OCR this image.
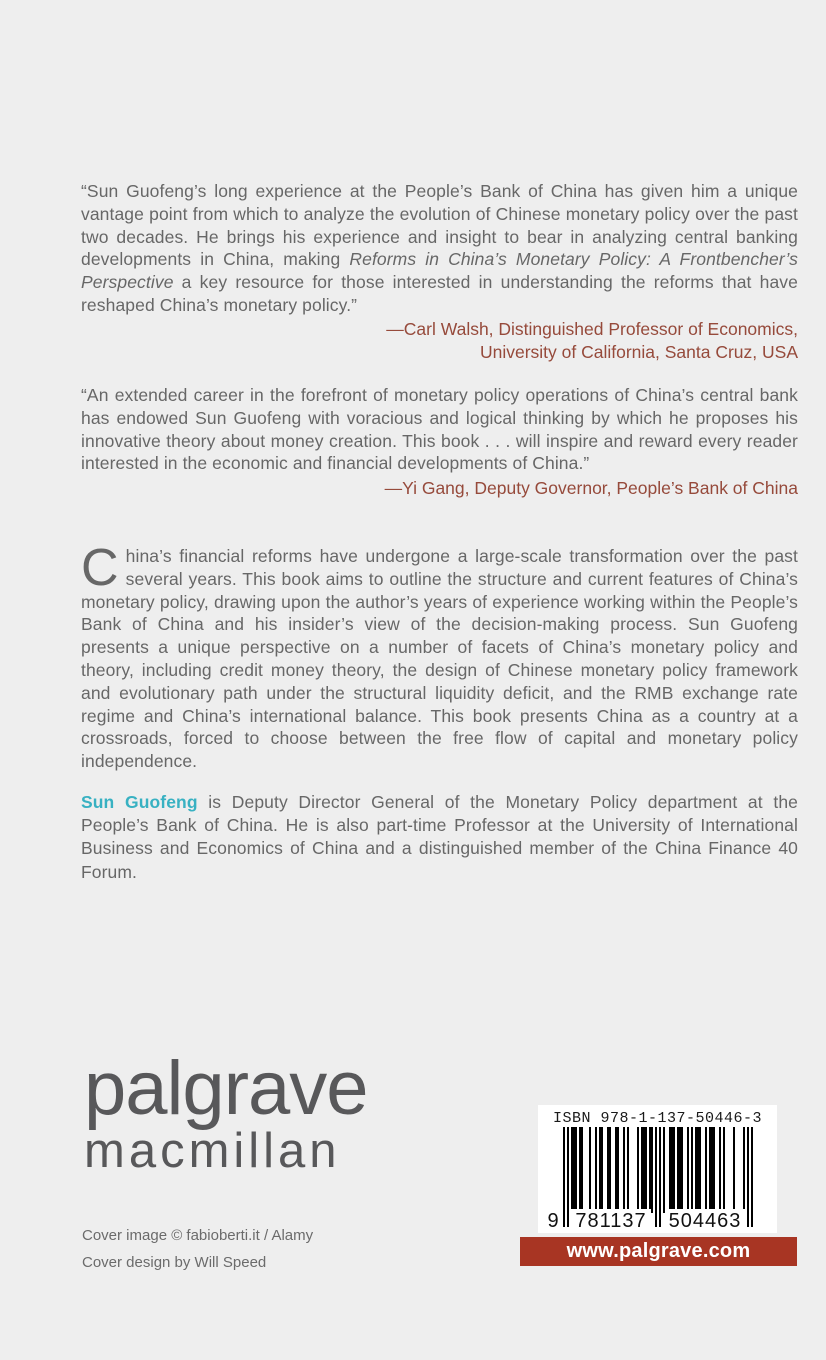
“Sun Guofeng’s long experience at the People’s Bank of China has given him a unique vantage point from which to analyze the evolution of Chinese monetary policy over the past two decades. He brings his experience and insight to bear in analyzing central banking developments in China, making Reforms in China’s Monetary Policy: A Frontbencher’s Perspective a key resource for those interested in understanding the reforms that have reshaped China’s monetary policy.”

—Carl Walsh, Distinguished Professor of Economics,
University of California, Santa Cruz, USA

“An extended career in the forefront of monetary policy operations of China’s central bank has endowed Sun Guofeng with voracious and logical thinking by which he proposes his innovative theory about money creation. This book . . . will inspire and reward every reader interested in the economic and financial developments of China.”

—Yi Gang, Deputy Governor, People’s Bank of China

China’s financial reforms have undergone a large-scale transformation over the past several years. This book aims to outline the structure and current features of China’s monetary policy, drawing upon the author’s years of experience working within the People’s Bank of China and his insider’s view of the decision-making process. Sun Guofeng presents a unique perspective on a number of facets of China’s monetary policy and theory, including credit money theory, the design of Chinese monetary policy framework and evolutionary path under the structural liquidity deficit, and the RMB exchange rate regime and China’s international balance. This book presents China as a country at a crossroads, forced to choose between the free flow of capital and monetary policy independence.

Sun Guofeng is Deputy Director General of the Monetary Policy department at the People’s Bank of China. He is also part-time Professor at the University of International Business and Economics of China and a distinguished member of the China Finance 40 Forum.

palgrave
macmillan
ISBN 978-1-137-50446-3
9 781137 504463
www.palgrave.com
Cover image © fabioberti.it / Alamy
Cover design by Will Speed
